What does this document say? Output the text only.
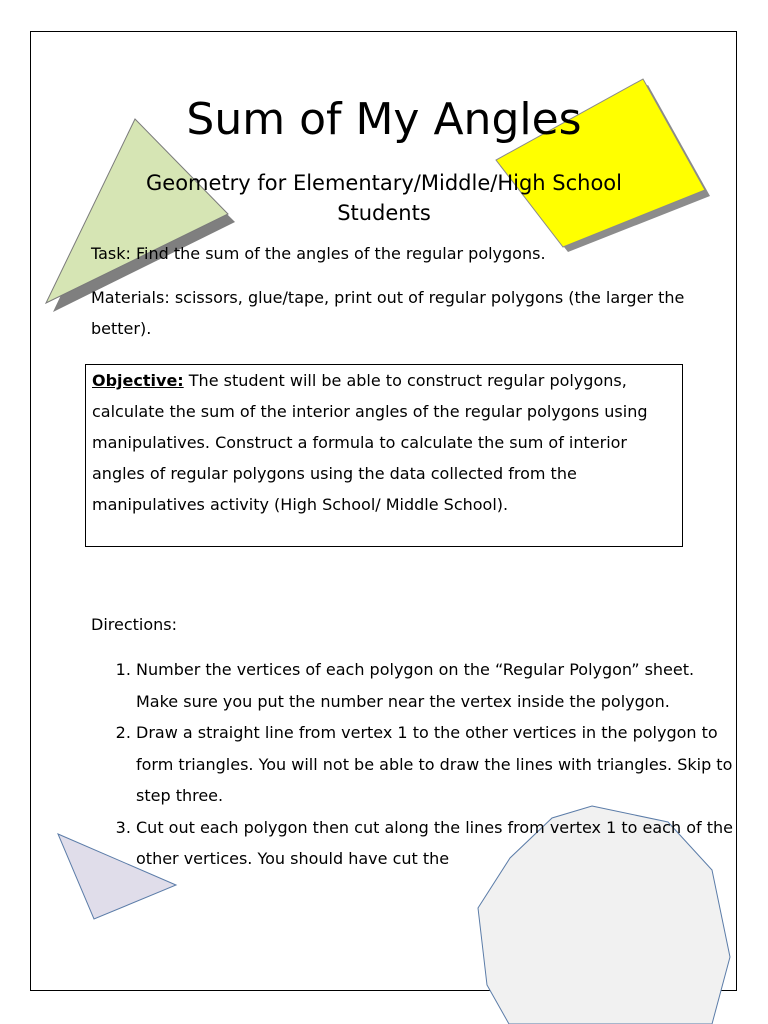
Sum of My Angles
Geometry for Elementary/Middle/High School Students

Task: Find the sum of the angles of the regular polygons.

Materials: scissors, glue/tape, print out of regular polygons (the larger the better).

Objective: The student will be able to construct regular polygons, calculate the sum of the interior angles of the regular polygons using manipulatives. Construct a formula to calculate the sum of interior angles of regular polygons using the data collected from the manipulatives activity (High School/ Middle School).

Directions:

1. Number the vertices of each polygon on the “Regular Polygon” sheet. Make sure you put the number near the vertex inside the polygon.
2. Draw a straight line from vertex 1 to the other vertices in the polygon to form triangles. You will not be able to draw the lines with triangles. Skip to step three.
3. Cut out each polygon then cut along the lines from vertex 1 to each of the other vertices. You should have cut the
